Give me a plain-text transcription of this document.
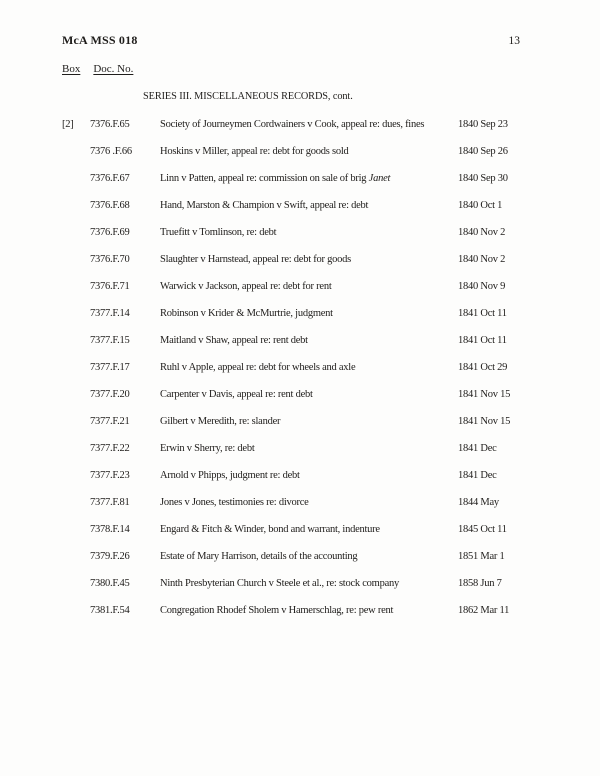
McA MSS 018	13
Box Doc. No.
SERIES III. MISCELLANEOUS RECORDS, cont.
[2]	7376.F.65	Society of Journeymen Cordwainers v Cook, appeal re: dues, fines	1840 Sep 23
7376 .F.66	Hoskins v Miller, appeal re: debt for goods sold	1840 Sep 26
7376.F.67	Linn v Patten, appeal re: commission on sale of brig Janet	1840 Sep 30
7376.F.68	Hand, Marston & Champion v Swift, appeal re: debt	1840 Oct 1
7376.F.69	Truefitt v Tomlinson, re: debt	1840 Nov 2
7376.F.70	Slaughter v Harnstead, appeal re: debt for goods	1840 Nov 2
7376.F.71	Warwick v Jackson, appeal re: debt for rent	1840 Nov 9
7377.F.14	Robinson v Krider & McMurtrie, judgment	1841 Oct 11
7377.F.15	Maitland v Shaw, appeal re: rent debt	1841 Oct 11
7377.F.17	Ruhl v Apple, appeal re: debt for wheels and axle	1841 Oct 29
7377.F.20	Carpenter v Davis, appeal re: rent debt	1841 Nov 15
7377.F.21	Gilbert v Meredith, re: slander	1841 Nov 15
7377.F.22	Erwin v Sherry, re: debt	1841 Dec
7377.F.23	Arnold v Phipps, judgment re: debt	1841 Dec
7377.F.81	Jones v Jones, testimonies re: divorce	1844 May
7378.F.14	Engard & Fitch & Winder, bond and warrant, indenture	1845 Oct 11
7379.F.26	Estate of Mary Harrison, details of the accounting	1851 Mar 1
7380.F.45	Ninth Presbyterian Church v Steele et al., re: stock company	1858 Jun 7
7381.F.54	Congregation Rhodef Sholem v Hamerschlag, re: pew rent	1862 Mar 11
